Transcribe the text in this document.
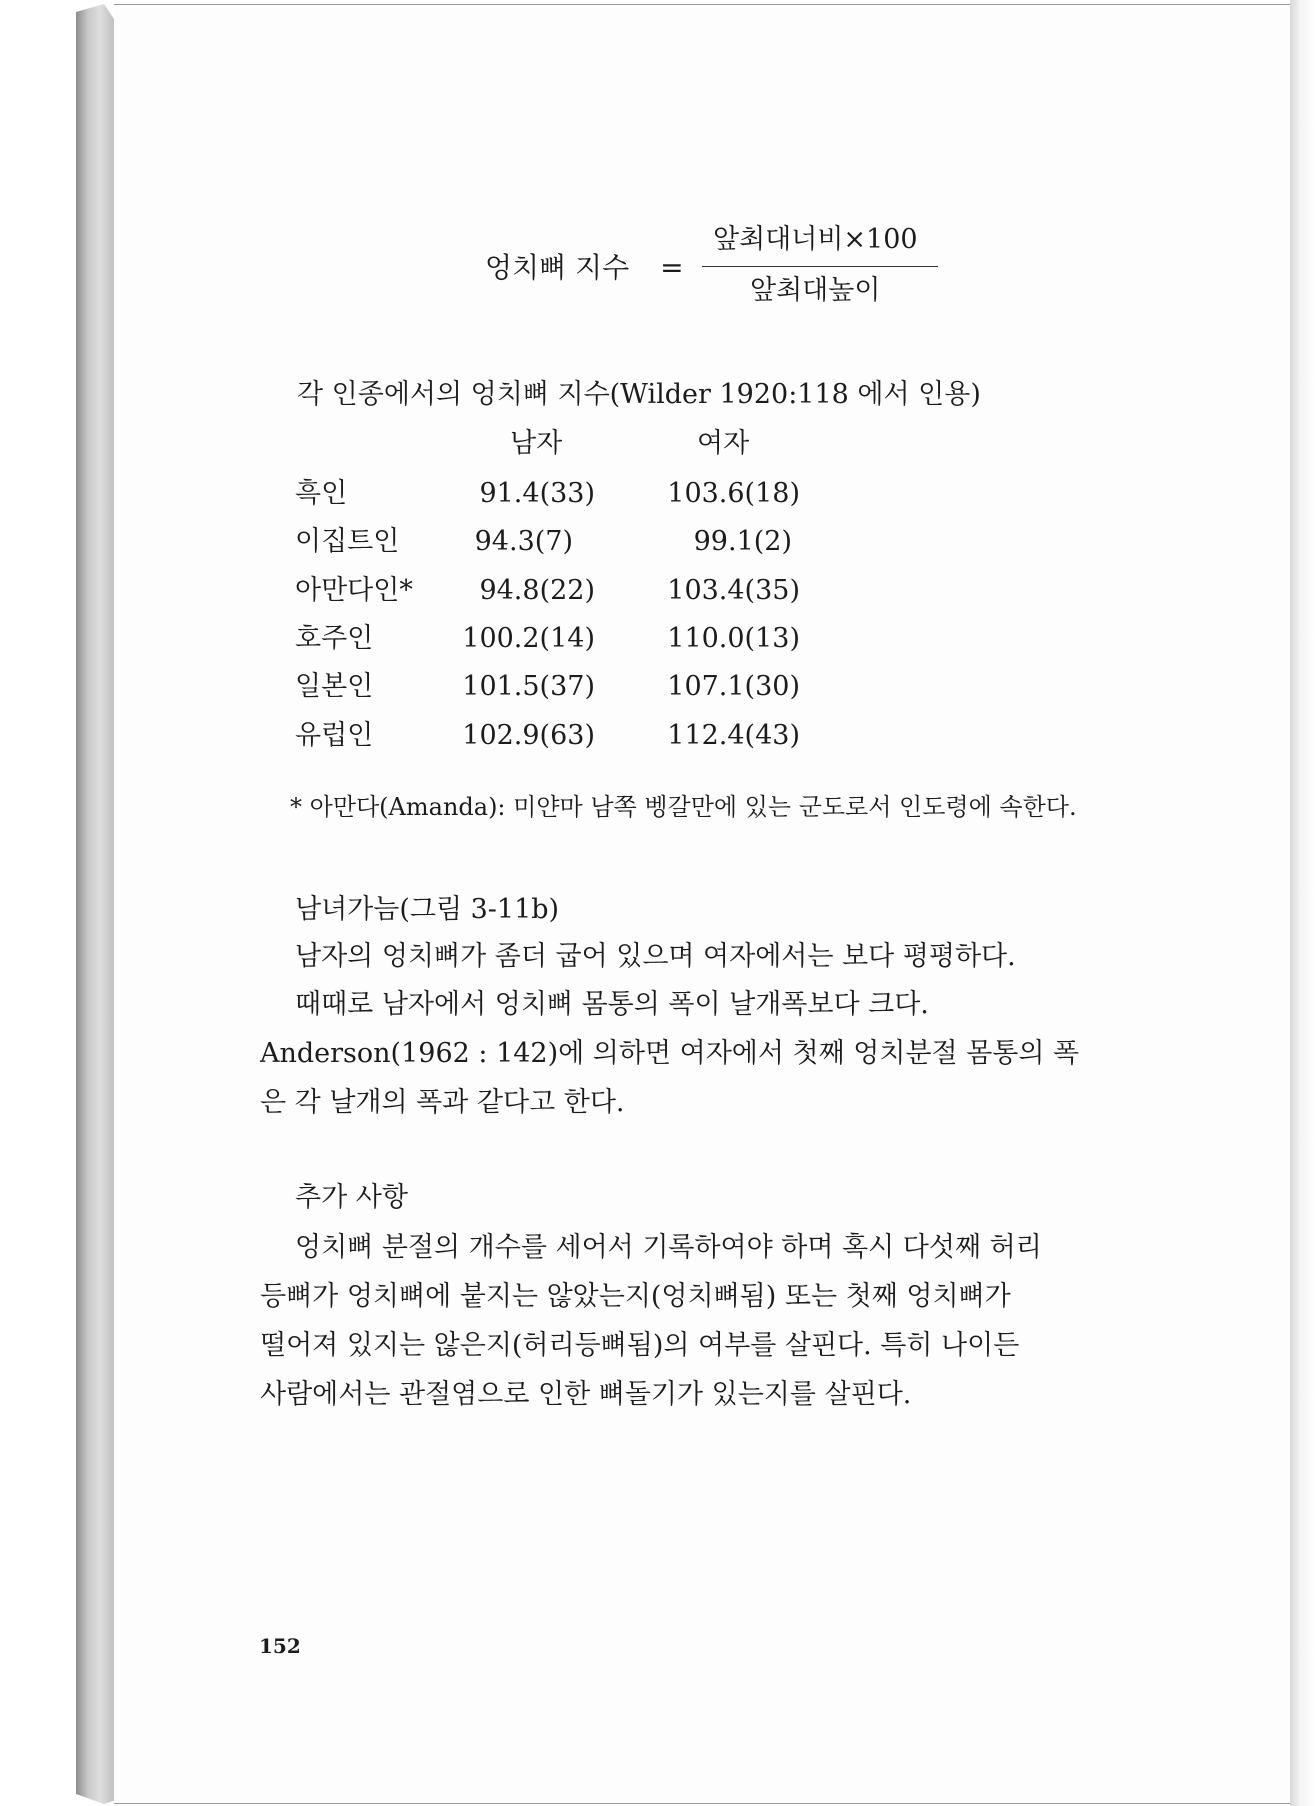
엉치뼈 지수 =
앞최대너비×100
앞최대높이
각 인종에서의 엉치뼈 지수(Wilder 1920:118 에서 인용)
남자	여자
흑인	91.4(33)	103.6(18)
이집트인	94.3(7)	99.1(2)
아만다인*	94.8(22)	103.4(35)
호주인	100.2(14)	110.0(13)
일본인	101.5(37)	107.1(30)
유럽인	102.9(63)	112.4(43)
* 아만다(Amanda): 미얀마 남쪽 벵갈만에 있는 군도로서 인도령에 속한다.
남녀가늠(그림 3-11b)
남자의 엉치뼈가 좀더 굽어 있으며 여자에서는 보다 평평하다.
때때로 남자에서 엉치뼈 몸통의 폭이 날개폭보다 크다.
Anderson(1962 : 142)에 의하면 여자에서 첫째 엉치분절 몸통의 폭
은 각 날개의 폭과 같다고 한다.
추가 사항
엉치뼈 분절의 개수를 세어서 기록하여야 하며 혹시 다섯째 허리
등뼈가 엉치뼈에 붙지는 않았는지(엉치뼈됨) 또는 첫째 엉치뼈가
떨어져 있지는 않은지(허리등뼈됨)의 여부를 살핀다. 특히 나이든
사람에서는 관절염으로 인한 뼈돌기가 있는지를 살핀다.
152
